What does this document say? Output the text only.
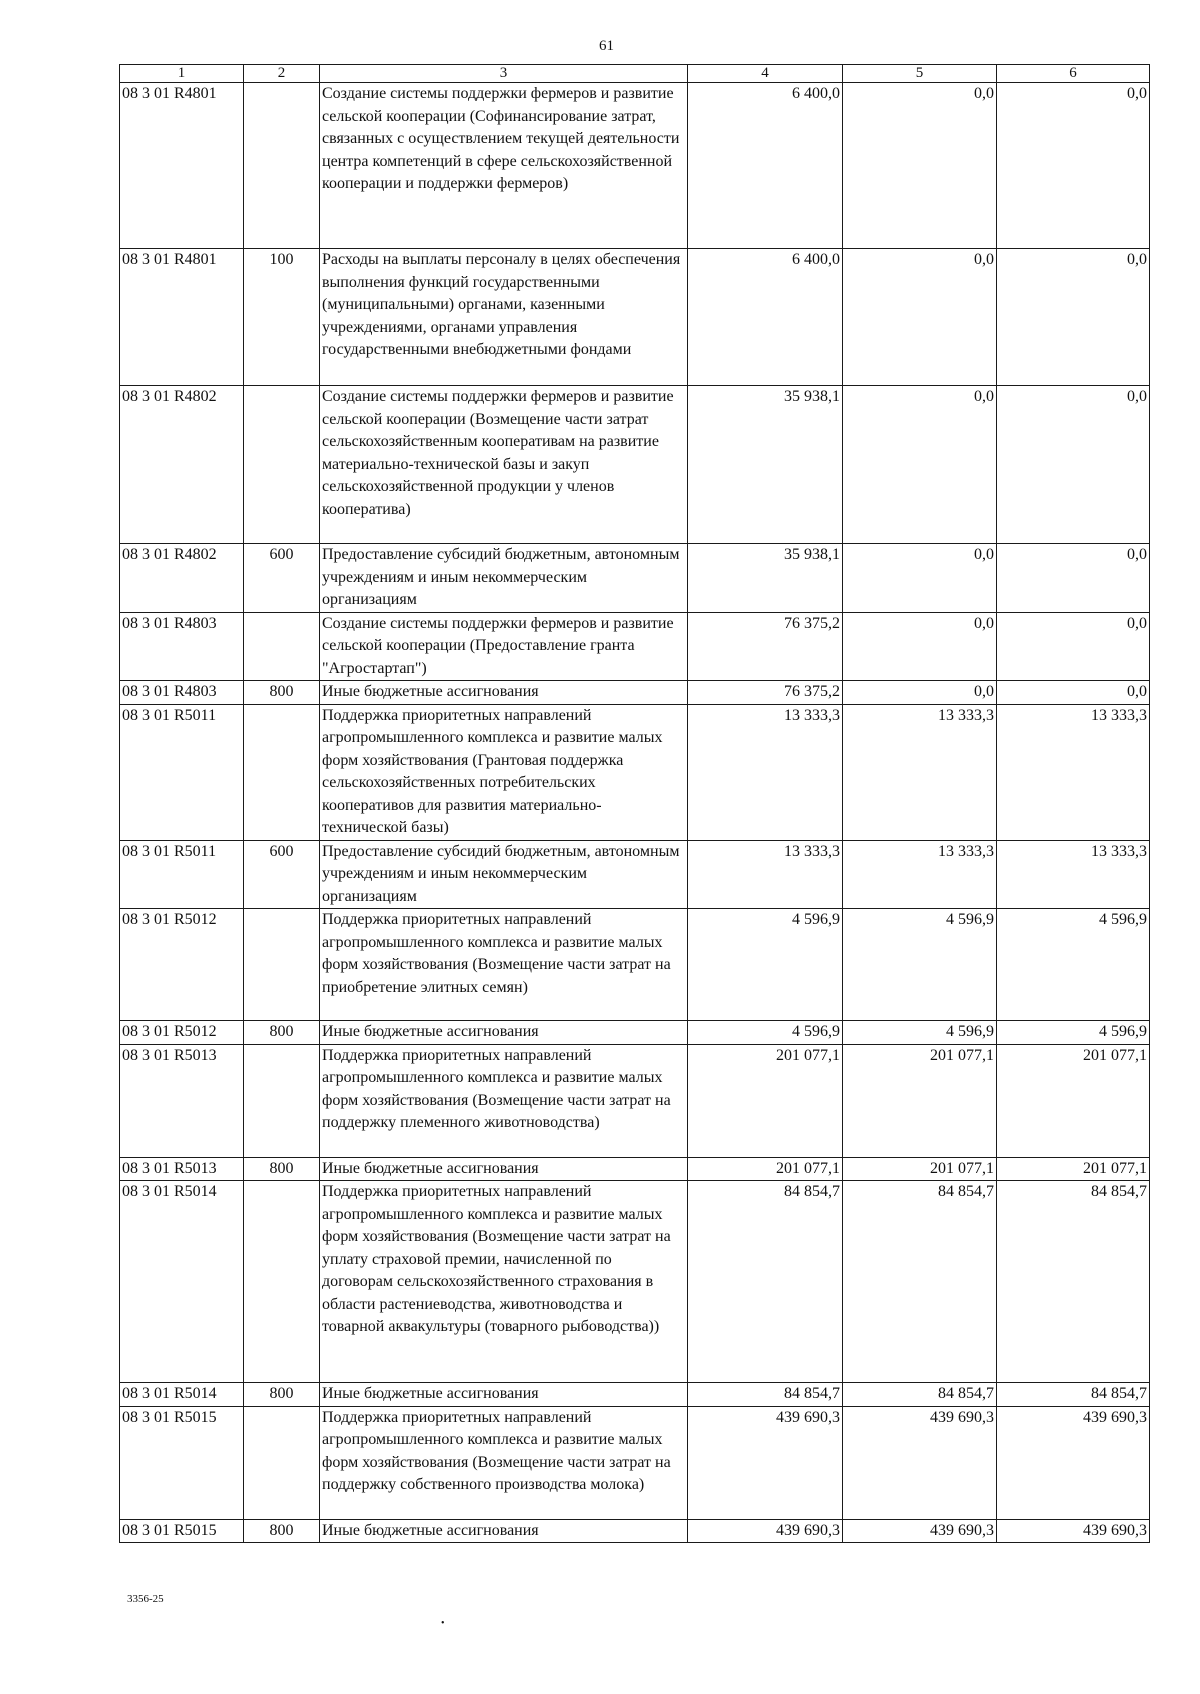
61
1	2	3	4	5	6
08 3 01 R4801		Создание системы поддержки фермеров и развитие сельской кооперации (Софинансирование затрат, связанных с осуществлением текущей деятельности центра компетенций в сфере сельскохозяйственной кооперации и поддержки фермеров)	6 400,0	0,0	0,0
08 3 01 R4801	100	Расходы на выплаты персоналу в целях обеспечения выполнения функций государственными (муниципальными) органами, казенными учреждениями, органами управления государственными внебюджетными фондами	6 400,0	0,0	0,0
08 3 01 R4802		Создание системы поддержки фермеров и развитие сельской кооперации (Возмещение части затрат сельскохозяйственным кооперативам на развитие материально-технической базы и закуп сельскохозяйственной продукции у членов кооператива)	35 938,1	0,0	0,0
08 3 01 R4802	600	Предоставление субсидий бюджетным, автономным учреждениям и иным некоммерческим организациям	35 938,1	0,0	0,0
08 3 01 R4803		Создание системы поддержки фермеров и развитие сельской кооперации (Предоставление гранта "Агростартап")	76 375,2	0,0	0,0
08 3 01 R4803	800	Иные бюджетные ассигнования	76 375,2	0,0	0,0
08 3 01 R5011		Поддержка приоритетных направлений агропромышленного комплекса и развитие малых форм хозяйствования (Грантовая поддержка сельскохозяйственных потребительских кооперативов для развития материально-технической базы)	13 333,3	13 333,3	13 333,3
08 3 01 R5011	600	Предоставление субсидий бюджетным, автономным учреждениям и иным некоммерческим организациям	13 333,3	13 333,3	13 333,3
08 3 01 R5012		Поддержка приоритетных направлений агропромышленного комплекса и развитие малых форм хозяйствования (Возмещение части затрат на приобретение элитных семян)	4 596,9	4 596,9	4 596,9
08 3 01 R5012	800	Иные бюджетные ассигнования	4 596,9	4 596,9	4 596,9
08 3 01 R5013		Поддержка приоритетных направлений агропромышленного комплекса и развитие малых форм хозяйствования (Возмещение части затрат на поддержку племенного животноводства)	201 077,1	201 077,1	201 077,1
08 3 01 R5013	800	Иные бюджетные ассигнования	201 077,1	201 077,1	201 077,1
08 3 01 R5014		Поддержка приоритетных направлений агропромышленного комплекса и развитие малых форм хозяйствования (Возмещение части затрат на уплату страховой премии, начисленной по договорам сельскохозяйственного страхования в области растениеводства, животноводства и товарной аквакультуры (товарного рыбоводства))	84 854,7	84 854,7	84 854,7
08 3 01 R5014	800	Иные бюджетные ассигнования	84 854,7	84 854,7	84 854,7
08 3 01 R5015		Поддержка приоритетных направлений агропромышленного комплекса и развитие малых форм хозяйствования (Возмещение части затрат на поддержку собственного производства молока)	439 690,3	439 690,3	439 690,3
08 3 01 R5015	800	Иные бюджетные ассигнования	439 690,3	439 690,3	439 690,3
3356-25
•
